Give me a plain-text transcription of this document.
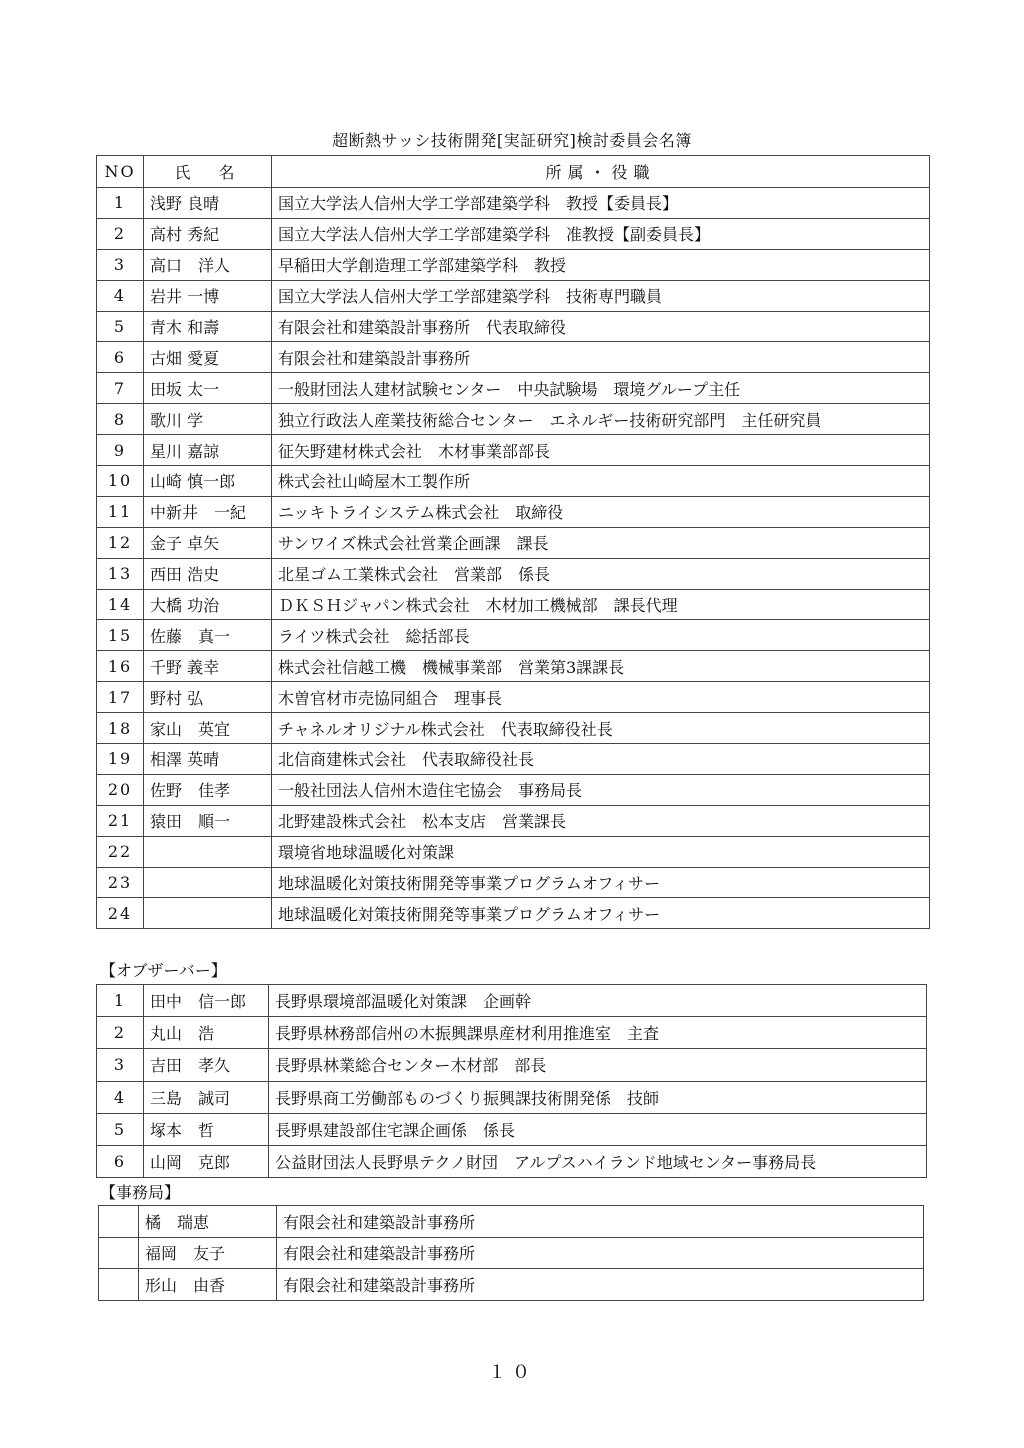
超断熱サッシ技術開発[実証研究]検討委員会名簿
NO	氏　名	所属・役職
1	浅野 良晴	国立大学法人信州大学工学部建築学科　教授【委員長】
2	高村 秀紀	国立大学法人信州大学工学部建築学科　准教授【副委員長】
3	高口　洋人	早稲田大学創造理工学部建築学科　教授
4	岩井 一博	国立大学法人信州大学工学部建築学科　技術専門職員
5	青木 和壽	有限会社和建築設計事務所　代表取締役
6	古畑 愛夏	有限会社和建築設計事務所
7	田坂 太一	一般財団法人建材試験センター　中央試験場　環境グループ主任
8	歌川 学	独立行政法人産業技術総合センター　エネルギー技術研究部門　主任研究員
9	星川 嘉諒	征矢野建材株式会社　木材事業部部長
10	山崎 慎一郎	株式会社山崎屋木工製作所
11	中新井　一紀	ニッキトライシステム株式会社　取締役
12	金子 卓矢	サンワイズ株式会社営業企画課　課長
13	西田 浩史	北星ゴム工業株式会社　営業部　係長
14	大橋 功治	ＤＫＳＨジャパン株式会社　木材加工機械部　課長代理
15	佐藤　真一	ライツ株式会社　総括部長
16	千野 義幸	株式会社信越工機　機械事業部　営業第3課課長
17	野村 弘	木曽官材市売協同組合　理事長
18	家山　英宜	チャネルオリジナル株式会社　代表取締役社長
19	相澤 英晴	北信商建株式会社　代表取締役社長
20	佐野　佳孝	一般社団法人信州木造住宅協会　事務局長
21	猿田　順一	北野建設株式会社　松本支店　営業課長
22		環境省地球温暖化対策課
23		地球温暖化対策技術開発等事業プログラムオフィサー
24		地球温暖化対策技術開発等事業プログラムオフィサー
【オブザーバー】
1	田中　信一郎	長野県環境部温暖化対策課　企画幹
2	丸山　浩	長野県林務部信州の木振興課県産材利用推進室　主査
3	吉田　孝久	長野県林業総合センター木材部　部長
4	三島　誠司	長野県商工労働部ものづくり振興課技術開発係　技師
5	塚本　哲	長野県建設部住宅課企画係　係長
6	山岡　克郎	公益財団法人長野県テクノ財団　アルプスハイランド地域センター事務局長
【事務局】
	橘　瑞恵	有限会社和建築設計事務所
	福岡　友子	有限会社和建築設計事務所
	形山　由香	有限会社和建築設計事務所
１０
